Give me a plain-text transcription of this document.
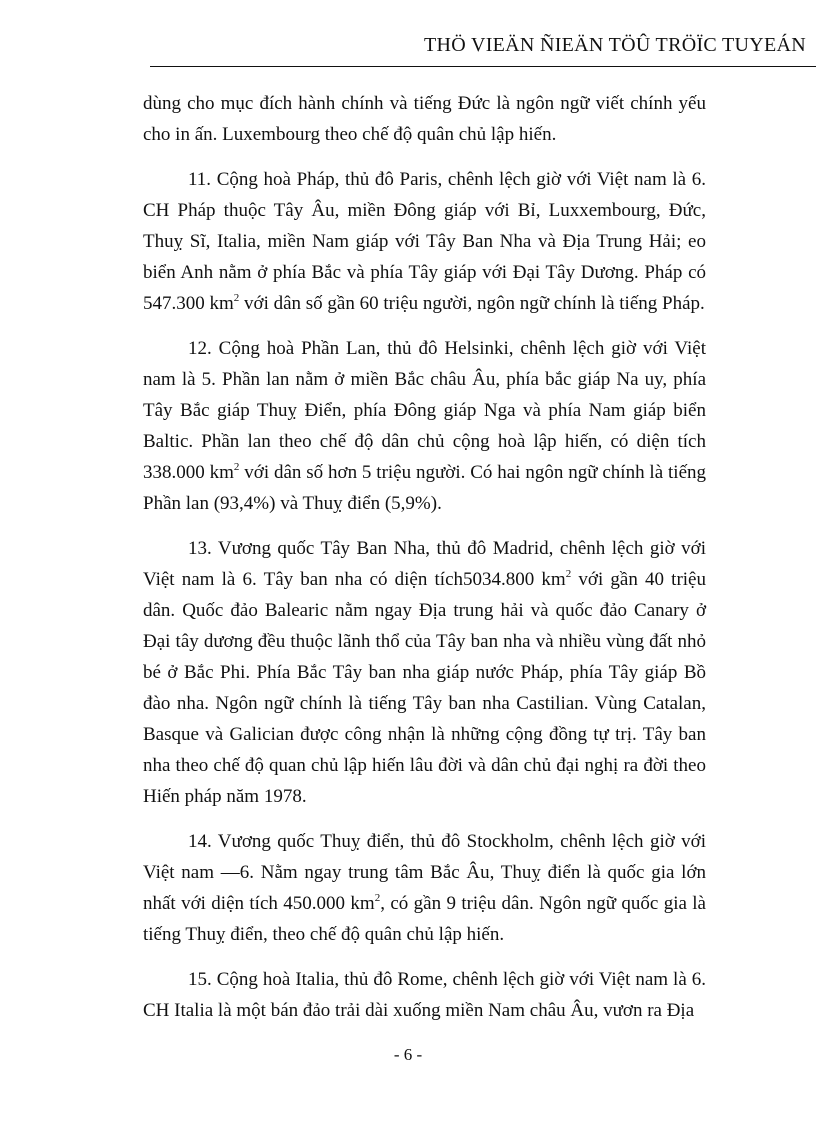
THÖ VIEÄN ÑIEÄN TÖÛ TRÖÏC TUYEÁN

dùng cho mục đích hành chính và tiếng Đức là ngôn ngữ viết chính yếu cho in ấn. Luxembourg theo chế độ quân chủ lập hiến.

11. Cộng hoà Pháp, thủ đô Paris, chênh lệch giờ với Việt nam là 6. CH Pháp thuộc Tây Âu, miền Đông giáp với Bỉ, Luxxembourg, Đức, Thuỵ Sĩ, Italia, miền Nam giáp với Tây Ban Nha và Địa Trung Hải; eo biển Anh nằm ở phía Bắc và phía Tây giáp với Đại Tây Dương. Pháp có 547.300 $km^2$ với dân số gần 60 triệu người, ngôn ngữ chính là tiếng Pháp.

12. Cộng hoà Phần Lan, thủ đô Helsinki, chênh lệch giờ với Việt nam là 5. Phần lan nằm ở miền Bắc châu Âu, phía bắc giáp Na uy, phía Tây Bắc giáp Thuỵ Điển, phía Đông giáp Nga và phía Nam giáp biển Baltic. Phần lan theo chế độ dân chủ cộng hoà lập hiến, có diện tích 338.000 $km^2$ với dân số hơn 5 triệu người. Có hai ngôn ngữ chính là tiếng Phần lan (93,4%) và Thuỵ điển (5,9%).

13. Vương quốc Tây Ban Nha, thủ đô Madrid, chênh lệch giờ với Việt nam là 6. Tây ban nha có diện tích5034.800 $km^2$ với gần 40 triệu dân. Quốc đảo Balearic nằm ngay Địa trung hải và quốc đảo Canary ở Đại tây dương đều thuộc lãnh thổ của Tây ban nha và nhiều vùng đất nhỏ bé ở Bắc Phi. Phía Bắc Tây ban nha giáp nước Pháp, phía Tây giáp Bồ đào nha. Ngôn ngữ chính là tiếng Tây ban nha Castilian. Vùng Catalan, Basque và Galician được công nhận là những cộng đồng tự trị. Tây ban nha theo chế độ quan chủ lập hiến lâu đời và dân chủ đại nghị ra đời theo Hiến pháp năm 1978.

14. Vương quốc Thuỵ điển, thủ đô Stockholm, chênh lệch giờ với Việt nam —6. Nằm ngay trung tâm Bắc Âu, Thuỵ điển là quốc gia lớn nhất với diện tích 450.000 $km^2$, có gần 9 triệu dân. Ngôn ngữ quốc gia là tiếng Thuỵ điển, theo chế độ quân chủ lập hiến.

15. Cộng hoà Italia, thủ đô Rome, chênh lệch giờ với Việt nam là 6. CH Italia là một bán đảo trải dài xuống miền Nam châu Âu, vươn ra Địa

- 6 -
